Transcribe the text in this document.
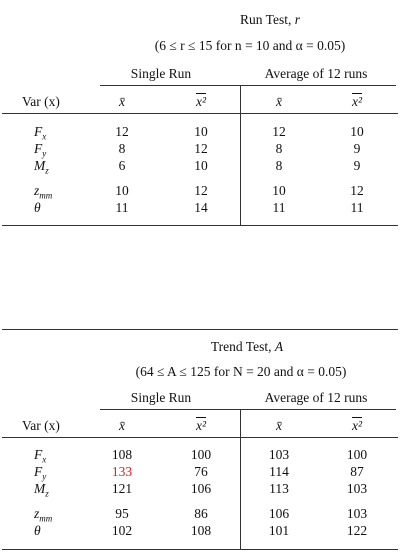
Run Test, r
(6 ≤ r ≤ 15 for n = 10 and α = 0.05)
Single Run	Average of 12 runs
Var (x)	x̄	x²	x̄	x²
$F_x$	12	10	12	10
$F_y$	8	12	8	9
$M_z$	6	10	8	9
$z_{mm}$	10	12	10	12
θ	11	14	11	11
Trend Test, A
(64 ≤ A ≤ 125 for N = 20 and α = 0.05)
Single Run	Average of 12 runs
Var (x)	x̄	x²	x̄	x²
$F_x$	108	100	103	100
$F_y$	133	76	114	87
$M_z$	121	106	113	103
$z_{mm}$	95	86	106	103
θ	102	108	101	122
